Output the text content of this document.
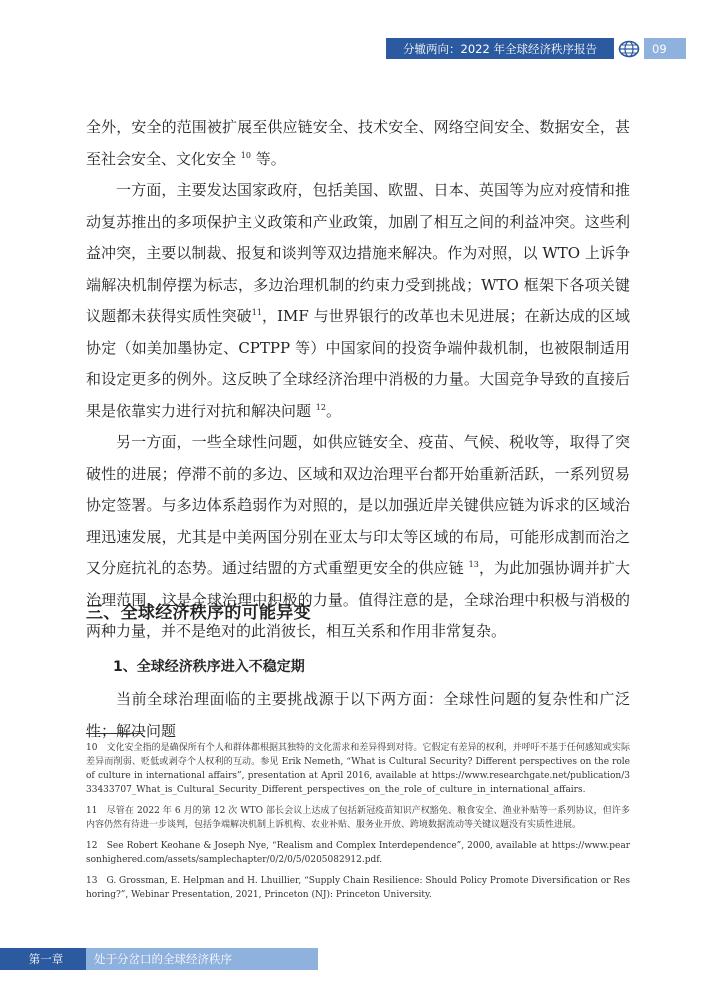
分辙两向：2022 年全球经济秩序报告	09

全外，安全的范围被扩展至供应链安全、技术安全、网络空间安全、数据安全，甚至社会安全、文化安全 $^{10}$ 等。

一方面，主要发达国家政府，包括美国、欧盟、日本、英国等为应对疫情和推动复苏推出的多项保护主义政策和产业政策，加剧了相互之间的利益冲突。这些利益冲突，主要以制裁、报复和谈判等双边措施来解决。作为对照，以 WTO 上诉争端解决机制停摆为标志，多边治理机制的约束力受到挑战；WTO 框架下各项关键议题都未获得实质性突破$^{11}$，IMF 与世界银行的改革也未见进展；在新达成的区域协定（如美加墨协定、CPTPP 等）中国家间的投资争端仲裁机制，也被限制适用和设定更多的例外。这反映了全球经济治理中消极的力量。大国竞争导致的直接后果是依靠实力进行对抗和解决问题 $^{12}$。

另一方面，一些全球性问题，如供应链安全、疫苗、气候、税收等，取得了突破性的进展；停滞不前的多边、区域和双边治理平台都开始重新活跃，一系列贸易协定签署。与多边体系趋弱作为对照的，是以加强近岸关键供应链为诉求的区域治理迅速发展，尤其是中美两国分别在亚太与印太等区域的布局，可能形成割而治之又分庭抗礼的态势。通过结盟的方式重塑更安全的供应链 $^{13}$，为此加强协调并扩大治理范围，这是全球治理中积极的力量。值得注意的是，全球治理中积极与消极的两种力量，并不是绝对的此消彼长，相互关系和作用非常复杂。

三、全球经济秩序的可能异变
1、全球经济秩序进入不稳定期

当前全球治理面临的主要挑战源于以下两方面：全球性问题的复杂性和广泛性；解决问题

10　文化安全指的是确保所有个人和群体都根据其独特的文化需求和差异得到对待。它假定有差异的权利，并呼吁不基于任何感知或实际差异而削弱、贬低或剥夺个人权利的互动。参见 Erik Nemeth, “What is Cultural Security? Different perspectives on the role of culture in international affairs”, presentation at April 2016, available at https://www.researchgate.net/publication/333433707_What_is_Cultural_Security_Different_perspectives_on_the_role_of_culture_in_international_affairs.

11　尽管在 2022 年 6 月的第 12 次 WTO 部长会议上达成了包括新冠疫苗知识产权豁免、粮食安全、渔业补贴等一系列协议，但许多内容仍然有待进一步谈判，包括争端解决机制上诉机构、农业补贴、服务业开放、跨境数据流动等关键议题没有实质性进展。

12　See Robert Keohane & Joseph Nye, “Realism and Complex Interdependence”, 2000, available at https://www.pearsonhighered.com/assets/samplechapter/0/2/0/5/0205082912.pdf.

13　G. Grossman, E. Helpman and H. Lhuillier, “Supply Chain Resilience: Should Policy Promote Diversification or Reshoring?”, Webinar Presentation, 2021, Princeton (NJ): Princeton University.

第一章	处于分岔口的全球经济秩序
